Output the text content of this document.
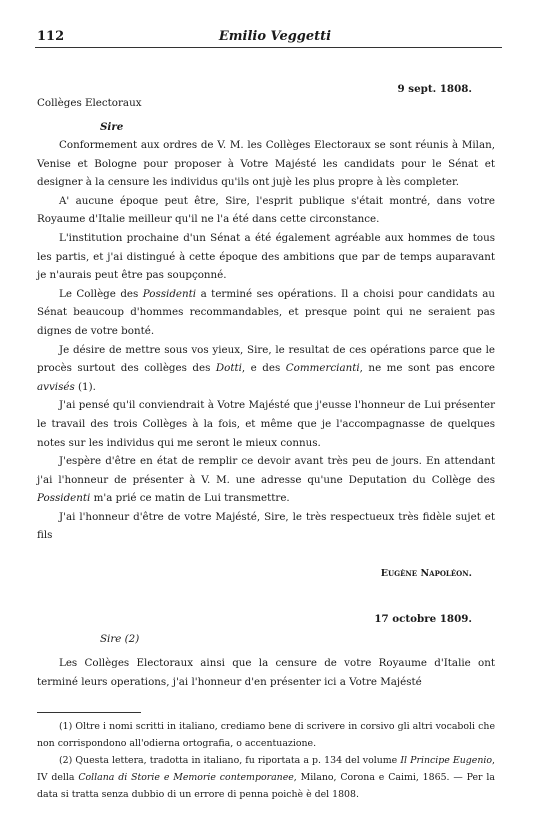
112	Emilio Veggetti
9 sept. 1808.
Collèges Electoraux
Sire

Conformement aux ordres de V. M. les Collèges Electoraux se sont réunis à Milan, Venise et Bologne pour proposer à Votre Majésté les candidats pour le Sénat et designer à la censure les individus qu'ils ont jujè les plus propre à lès completer.

A' aucune époque peut être, Sire, l'esprit publique s'était montré, dans votre Royaume d'Italie meilleur qu'il ne l'a été dans cette circonstance.

L'institution prochaine d'un Sénat a été également agréable aux hommes de tous les partis, et j'ai distingué à cette époque des ambitions que par de temps auparavant je n'aurais peut être pas soupçonné.

Le Collège des Possidenti a terminé ses opérations. Il a choisi pour candidats au Sénat beaucoup d'hommes recommandables, et presque point qui ne seraient pas dignes de votre bonté.

Je désire de mettre sous vos yieux, Sire, le resultat de ces opérations parce que le procès surtout des collèges des Dotti, e des Commercianti, ne me sont pas encore avvisés (1).

J'ai pensé qu'il conviendrait à Votre Majésté que j'eusse l'honneur de Lui présenter le travail des trois Collèges à la fois, et même que je l'accompagnasse de quelques notes sur les individus qui me seront le mieux connus.

J'espère d'être en état de remplir ce devoir avant très peu de jours. En attendant j'ai l'honneur de présenter à V. M. une adresse qu'une Deputation du Collège des Possidenti m'a prié ce matin de Lui transmettre.

J'ai l'honneur d'être de votre Majésté, Sire, le très respectueux très fidèle sujet et fils

Eugène Napoléon.
17 octobre 1809.
Sire (2)

Les Collèges Electoraux ainsi que la censure de votre Royaume d'Italie ont terminé leurs operations, j'ai l'honneur d'en présenter ici a Votre Majésté

(1) Oltre i nomi scritti in italiano, crediamo bene di scrivere in corsivo gli altri vocaboli che non corrispondono all'odierna ortografia, o accentuazione.

(2) Questa lettera, tradotta in italiano, fu riportata a p. 134 del volume Il Principe Eugenio, IV della Collana di Storie e Memorie contemporanee, Milano, Corona e Caimi, 1865. — Per la data si tratta senza dubbio di un errore di penna poichè è del 1808.
